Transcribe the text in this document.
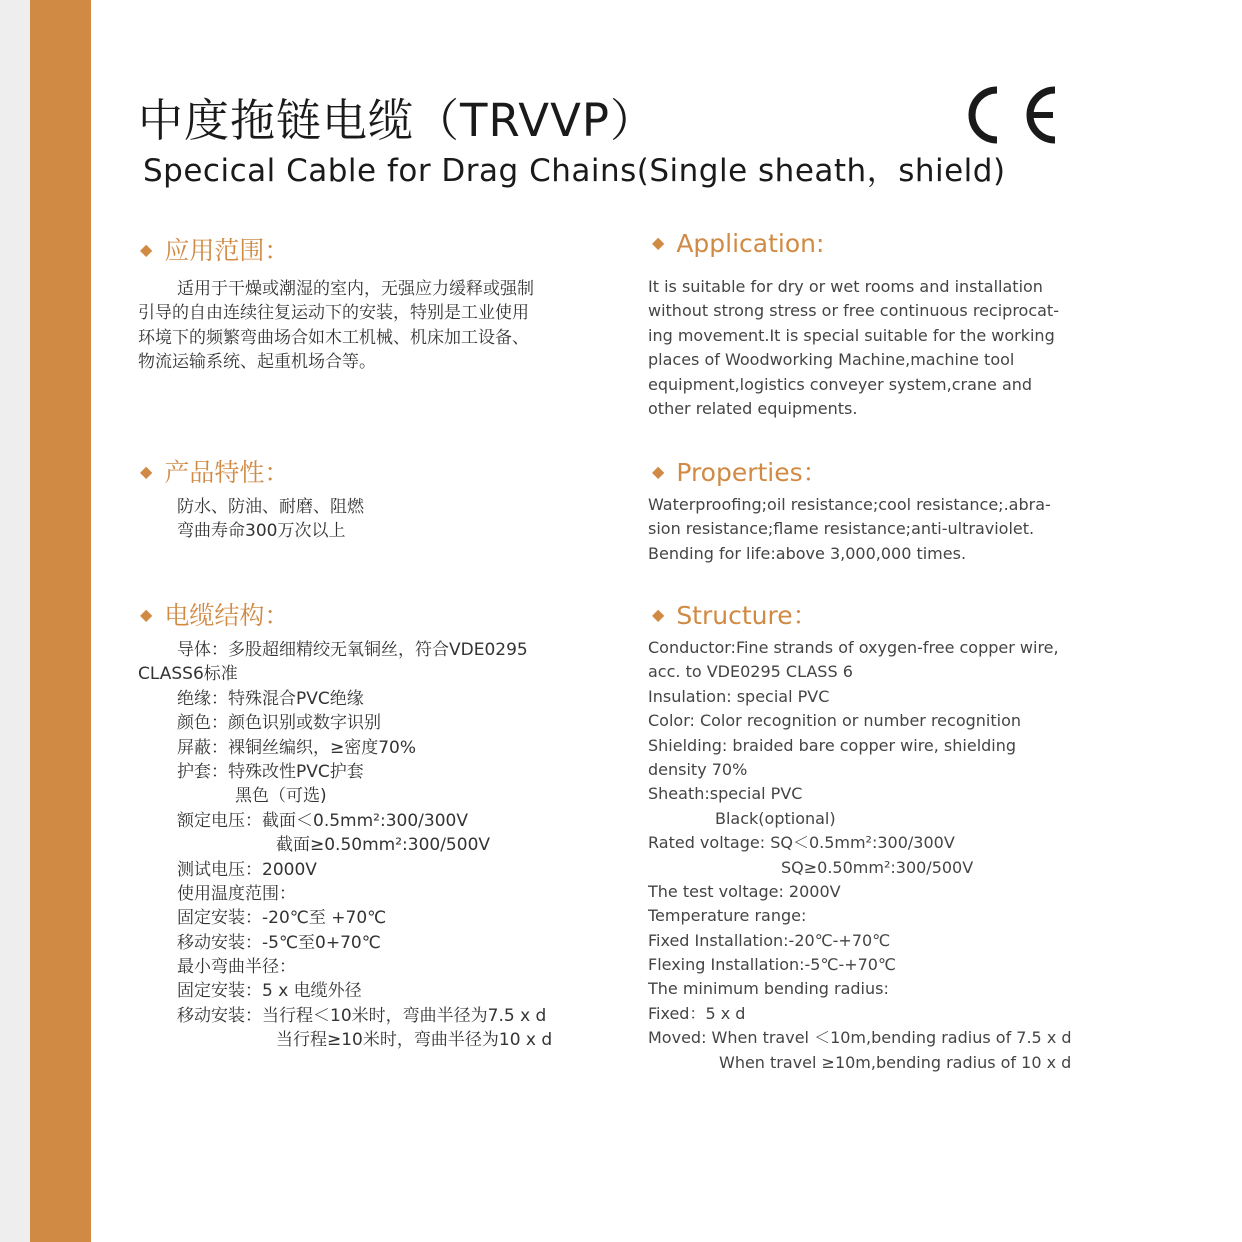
中度拖链电缆（TRVVP）
Specical Cable for Drag Chains(Single sheath，shield)
◆ 应用范围：	◆ Application:
适用于干燥或潮湿的室内，无强应力缓释或强制
引导的自由连续往复运动下的安装，特别是工业使用
环境下的频繁弯曲场合如木工机械、机床加工设备、
物流运输系统、起重机场合等。
It is suitable for dry or wet rooms and installation
without strong stress or free continuous reciprocat-
ing movement.It is special suitable for the working
places of Woodworking Machine,machine tool
equipment,logistics conveyer system,crane and
other related equipments.
◆ 产品特性：	◆ Properties：
防水、防油、耐磨、阻燃
弯曲寿命300万次以上
Waterproofing;oil resistance;cool resistance;.abra-
sion resistance;flame resistance;anti-ultraviolet.
Bending for life:above 3,000,000 times.
◆ 电缆结构：	◆ Structure：
导体：多股超细精绞无氧铜丝，符合VDE0295
CLASS6标准
绝缘：特殊混合PVC绝缘
颜色：颜色识别或数字识别
屏蔽：裸铜丝编织，≥密度70%
护套：特殊改性PVC护套
黑色（可选)
额定电压：截面＜0.5mm²:300/300V
截面≥0.50mm²:300/500V
测试电压：2000V
使用温度范围：
固定安装：-20℃至 +70℃
移动安装：-5℃至0+70℃
最小弯曲半径：
固定安装：5 x 电缆外径
移动安装：当行程＜10米时，弯曲半径为7.5 x d
当行程≥10米时，弯曲半径为10 x d
Conductor:Fine strands of oxygen-free copper wire,
acc. to VDE0295 CLASS 6
Insulation: special PVC
Color: Color recognition or number recognition
Shielding: braided bare copper wire, shielding
density 70%
Sheath:special PVC
Black(optional)
Rated voltage: SQ＜0.5mm²:300/300V
SQ≥0.50mm²:300/500V
The test voltage: 2000V
Temperature range:
Fixed Installation:-20℃-+70℃
Flexing Installation:-5℃-+70℃
The minimum bending radius:
Fixed：5 x d
Moved: When travel ＜10m,bending radius of 7.5 x d
When travel ≥10m,bending radius of 10 x d
